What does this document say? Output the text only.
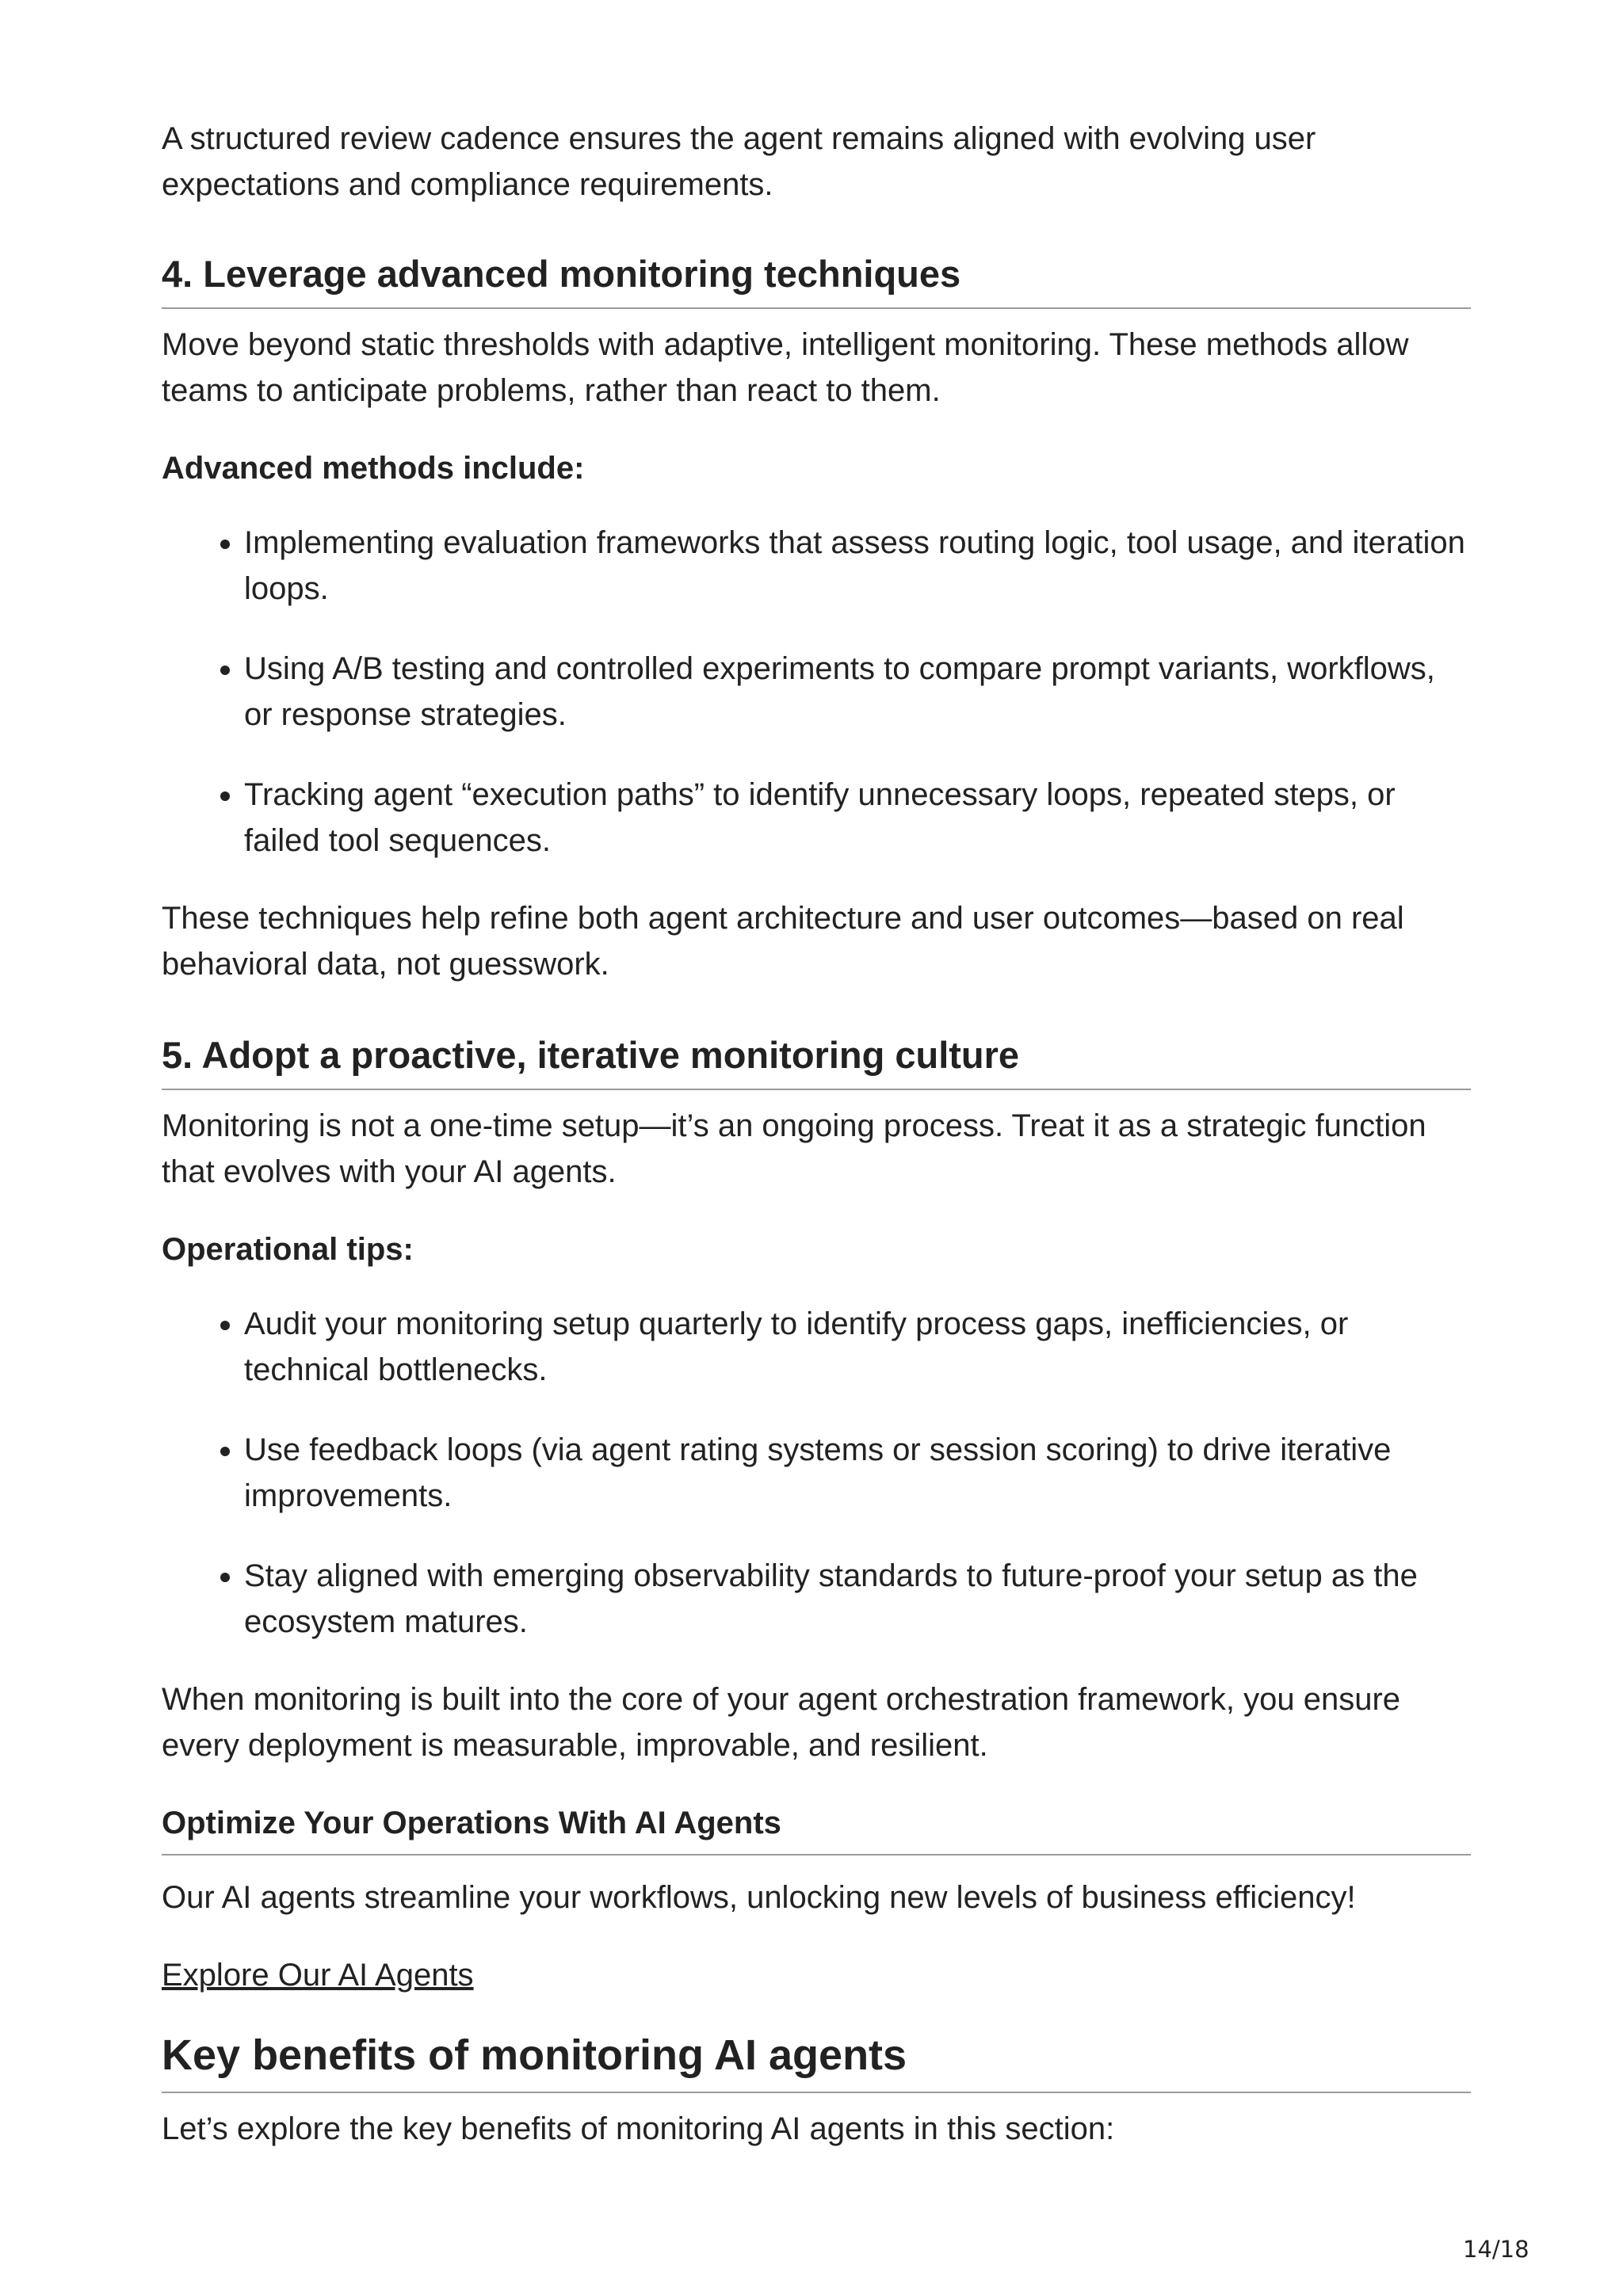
A structured review cadence ensures the agent remains aligned with evolving user expectations and compliance requirements.

4. Leverage advanced monitoring techniques

Move beyond static thresholds with adaptive, intelligent monitoring. These methods allow teams to anticipate problems, rather than react to them.

Advanced methods include:

• Implementing evaluation frameworks that assess routing logic, tool usage, and iteration loops.
• Using A/B testing and controlled experiments to compare prompt variants, workflows, or response strategies.
• Tracking agent “execution paths” to identify unnecessary loops, repeated steps, or failed tool sequences.

These techniques help refine both agent architecture and user outcomes—based on real behavioral data, not guesswork.

5. Adopt a proactive, iterative monitoring culture

Monitoring is not a one-time setup—it’s an ongoing process. Treat it as a strategic function that evolves with your AI agents.

Operational tips:

• Audit your monitoring setup quarterly to identify process gaps, inefficiencies, or technical bottlenecks.
• Use feedback loops (via agent rating systems or session scoring) to drive iterative improvements.
• Stay aligned with emerging observability standards to future-proof your setup as the ecosystem matures.

When monitoring is built into the core of your agent orchestration framework, you ensure every deployment is measurable, improvable, and resilient.

Optimize Your Operations With AI Agents

Our AI agents streamline your workflows, unlocking new levels of business efficiency!

Explore Our AI Agents
Key benefits of monitoring AI agents

Let’s explore the key benefits of monitoring AI agents in this section:

14/18
